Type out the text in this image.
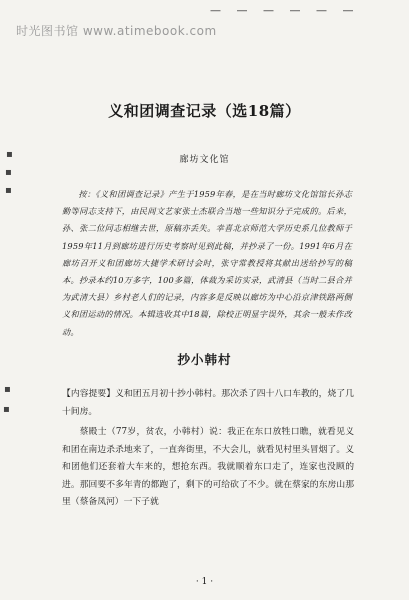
— — — — — —
时光图书馆 www.atimebook.com
▪
▪
▪
▪
▪
义和团调查记录（选18篇）
廊坊文化馆
按：《义和团调查记录》产生于1959年春，是在当时廊坊文化馆馆长孙志勤等同志支持下，由民间文艺家张士杰联合当地一些知识分子完成的。后来，孙、张二位同志相继去世，原稿亦丢失。幸喜北京师范大学历史系几位教师于1959年11月到廊坊进行历史考察时见到此稿，并抄录了一份。1991年6月在廊坊召开义和团廊坊大捷学术研讨会时，张守常教授将其献出送给抄写的稿本。抄录本约10万多字，100多篇，体裁为采访实录，武清县（当时二县合并为武清大县）乡村老人们的记录，内容多是反映以廊坊为中心沿京津铁路两侧义和团运动的情况。本辑选收其中18篇，除校正明显字误外，其余一般未作改动。
抄小韩村
【内容提要】义和团五月初十抄小韩村。那次杀了四十八口车教的，烧了几十间房。
蔡殿士（77岁，贫农，小韩村）说：我正在东口放牲口瞧，就看见义和团在南边杀杀地来了，一直奔街里，不大会儿，就看见村里头冒烟了。义和团他们还套着大车来的，想抢东西。我就顺着东口走了，连家也没顾的进。那回要不多年青的都跑了，剩下的可给砍了不少。就在蔡家的东房山那里（蔡备凤河）一下子就
· 1 ·
